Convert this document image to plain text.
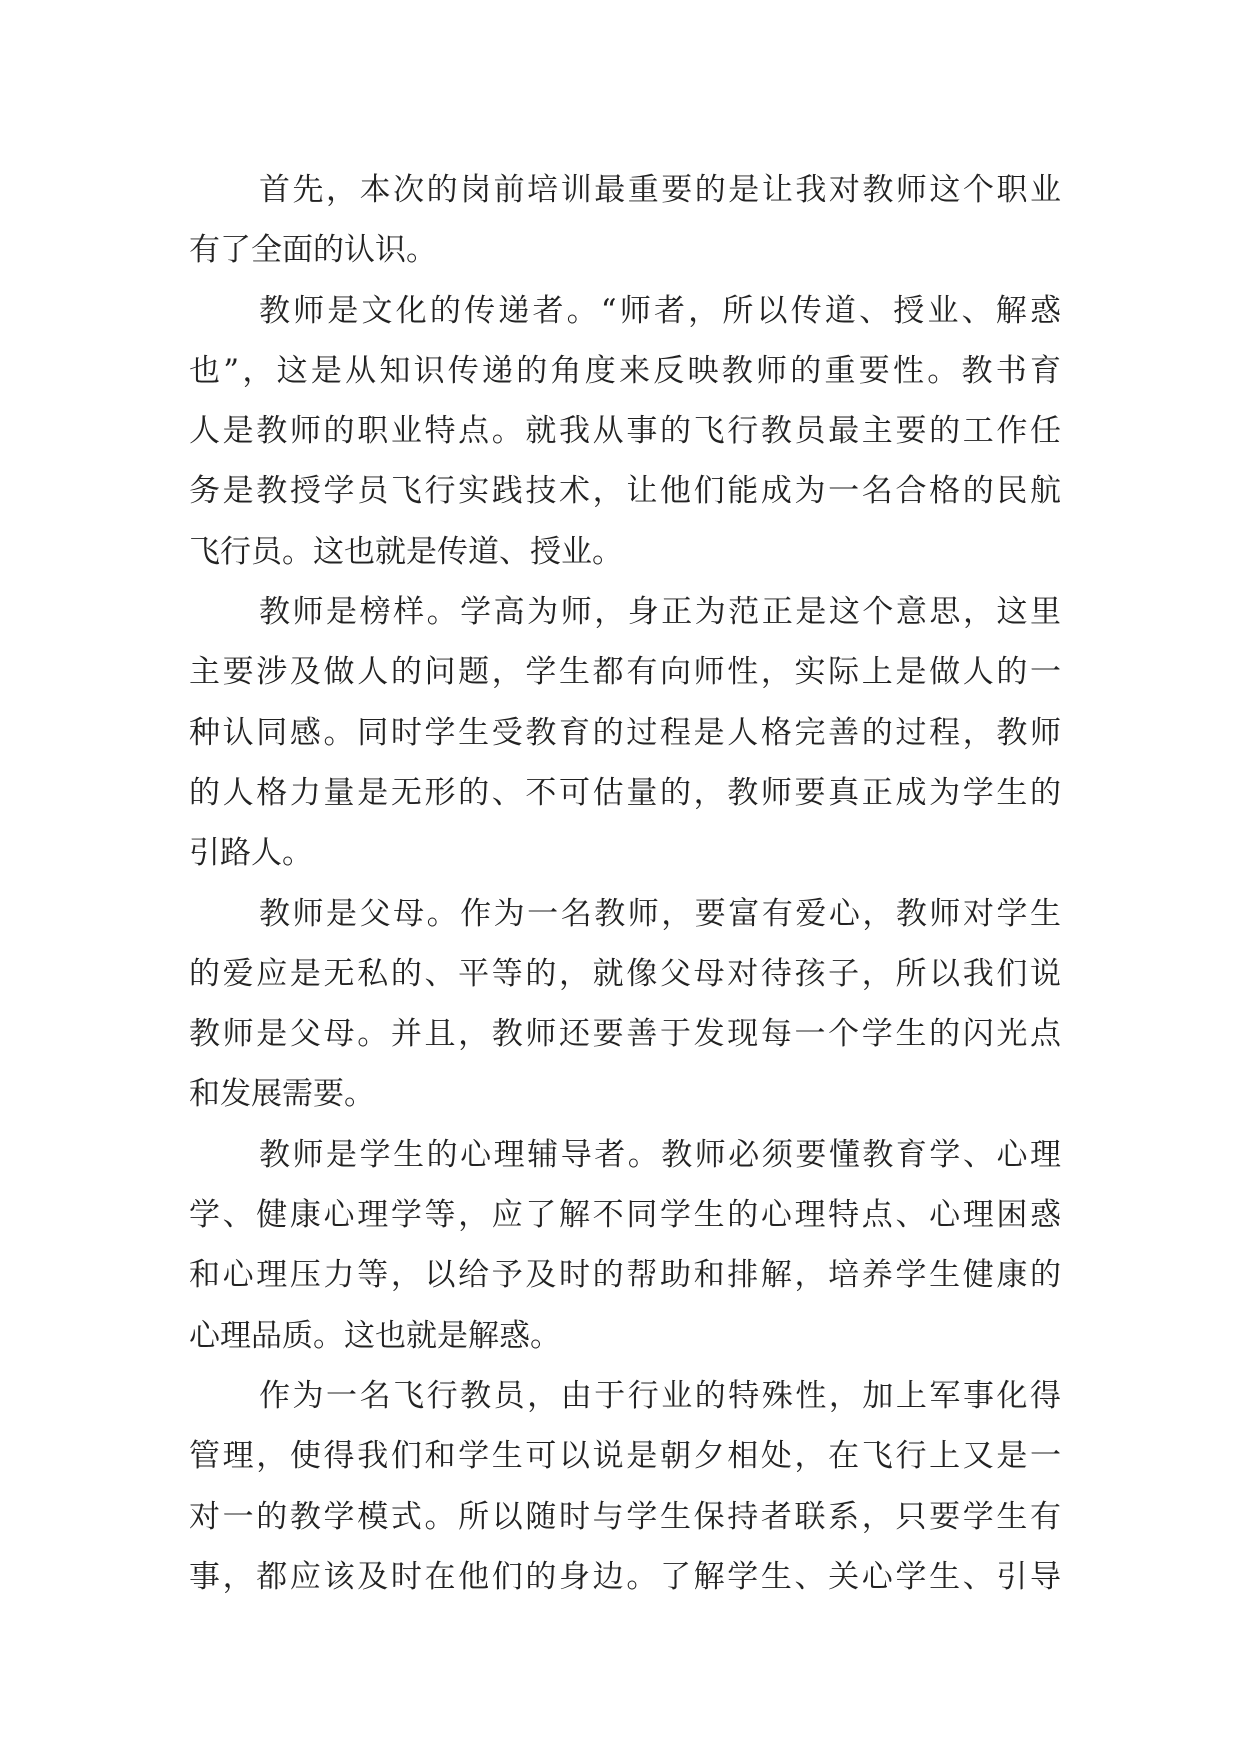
首先，本次的岗前培训最重要的是让我对教师这个职业
有了全面的认识。
教师是文化的传递者。“师者，所以传道、授业、解惑
也”，这是从知识传递的角度来反映教师的重要性。教书育
人是教师的职业特点。就我从事的飞行教员最主要的工作任
务是教授学员飞行实践技术，让他们能成为一名合格的民航
飞行员。这也就是传道、授业。
教师是榜样。学高为师，身正为范正是这个意思，这里
主要涉及做人的问题，学生都有向师性，实际上是做人的一
种认同感。同时学生受教育的过程是人格完善的过程，教师
的人格力量是无形的、不可估量的，教师要真正成为学生的
引路人。
教师是父母。作为一名教师，要富有爱心，教师对学生
的爱应是无私的、平等的，就像父母对待孩子，所以我们说
教师是父母。并且，教师还要善于发现每一个学生的闪光点
和发展需要。
教师是学生的心理辅导者。教师必须要懂教育学、心理
学、健康心理学等，应了解不同学生的心理特点、心理困惑
和心理压力等，以给予及时的帮助和排解，培养学生健康的
心理品质。这也就是解惑。
作为一名飞行教员，由于行业的特殊性，加上军事化得
管理，使得我们和学生可以说是朝夕相处，在飞行上又是一
对一的教学模式。所以随时与学生保持者联系，只要学生有
事，都应该及时在他们的身边。了解学生、关心学生、引导
